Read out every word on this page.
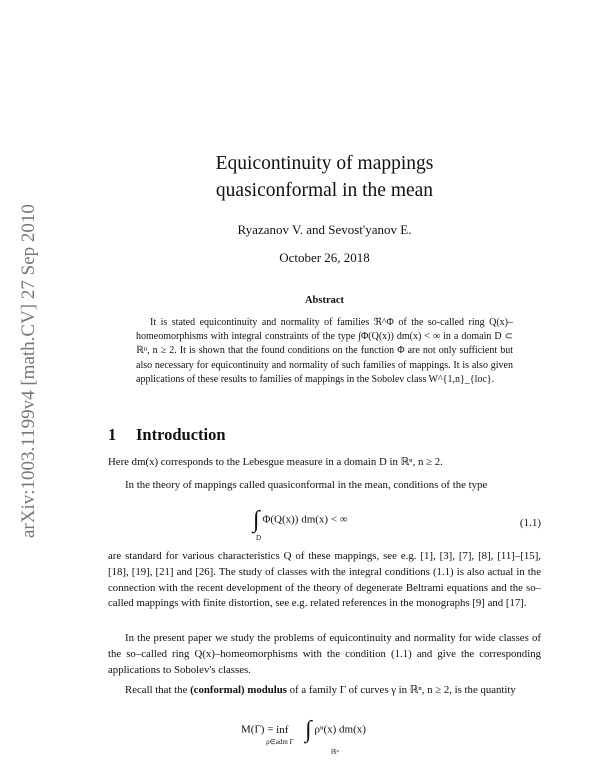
arXiv:1003.1199v4 [math.CV] 27 Sep 2010
Equicontinuity of mappings
quasiconformal in the mean
Ryazanov V. and Sevost'yanov E.
October 26, 2018
Abstract
It is stated equicontinuity and normality of families ℜ^Φ of the so-called ring Q(x)–homeomorphisms with integral constraints of the type ∫Φ(Q(x)) dm(x) < ∞ in a domain D ⊂ ℝⁿ, n ≥ 2. It is shown that the found conditions on the function Φ are not only sufficient but also necessary for equicontinuity and normality of such families of mappings. It is also given applications of these results to families of mappings in the Sobolev class W^{1,n}_{loc}.
1 Introduction
Here dm(x) corresponds to the Lebesgue measure in a domain D in ℝⁿ, n ≥ 2.
In the theory of mappings called quasiconformal in the mean, conditions of the type
∫ Φ(Q(x)) dm(x) < ∞
D
(1.1)
are standard for various characteristics Q of these mappings, see e.g. [1], [3], [7], [8], [11]–[15], [18], [19], [21] and [26]. The study of classes with the integral conditions (1.1) is also actual in the connection with the recent development of the theory of degenerate Beltrami equations and the so–called mappings with finite distortion, see e.g. related references in the monographs [9] and [17].
In the present paper we study the problems of equicontinuity and normality for wide classes of the so–called ring Q(x)–homeomorphisms with the condition (1.1) and give the corresponding applications to Sobolev's classes.
Recall that the (conformal) modulus of a family Γ of curves γ in ℝⁿ, n ≥ 2, is the quantity
M(Γ) = inf
ρ∈adm Γ ∫ ρⁿ(x) dm(x)
ℝⁿ
